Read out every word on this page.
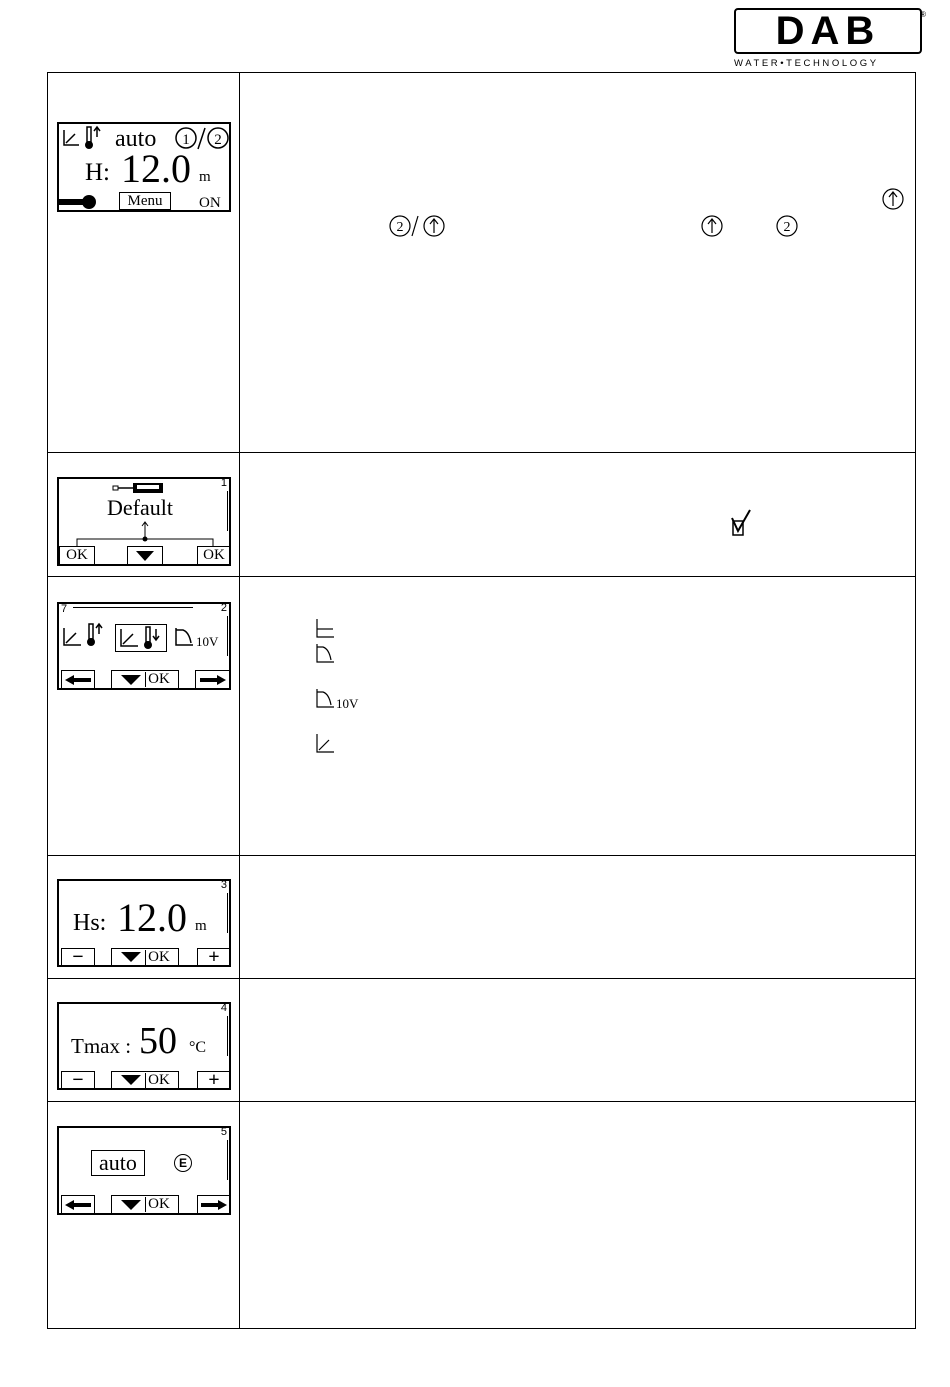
DAB	®
WATER•TECHNOLOGY
auto 1 2
H: 12.0 m
Menu ON
2	2
1
Default
OK	OK
7	2
10V
OK
10V
3
Hs: 12.0 m
−	OK +
4
Tmax : 50 °C
−	OK +
5
auto	E
OK
